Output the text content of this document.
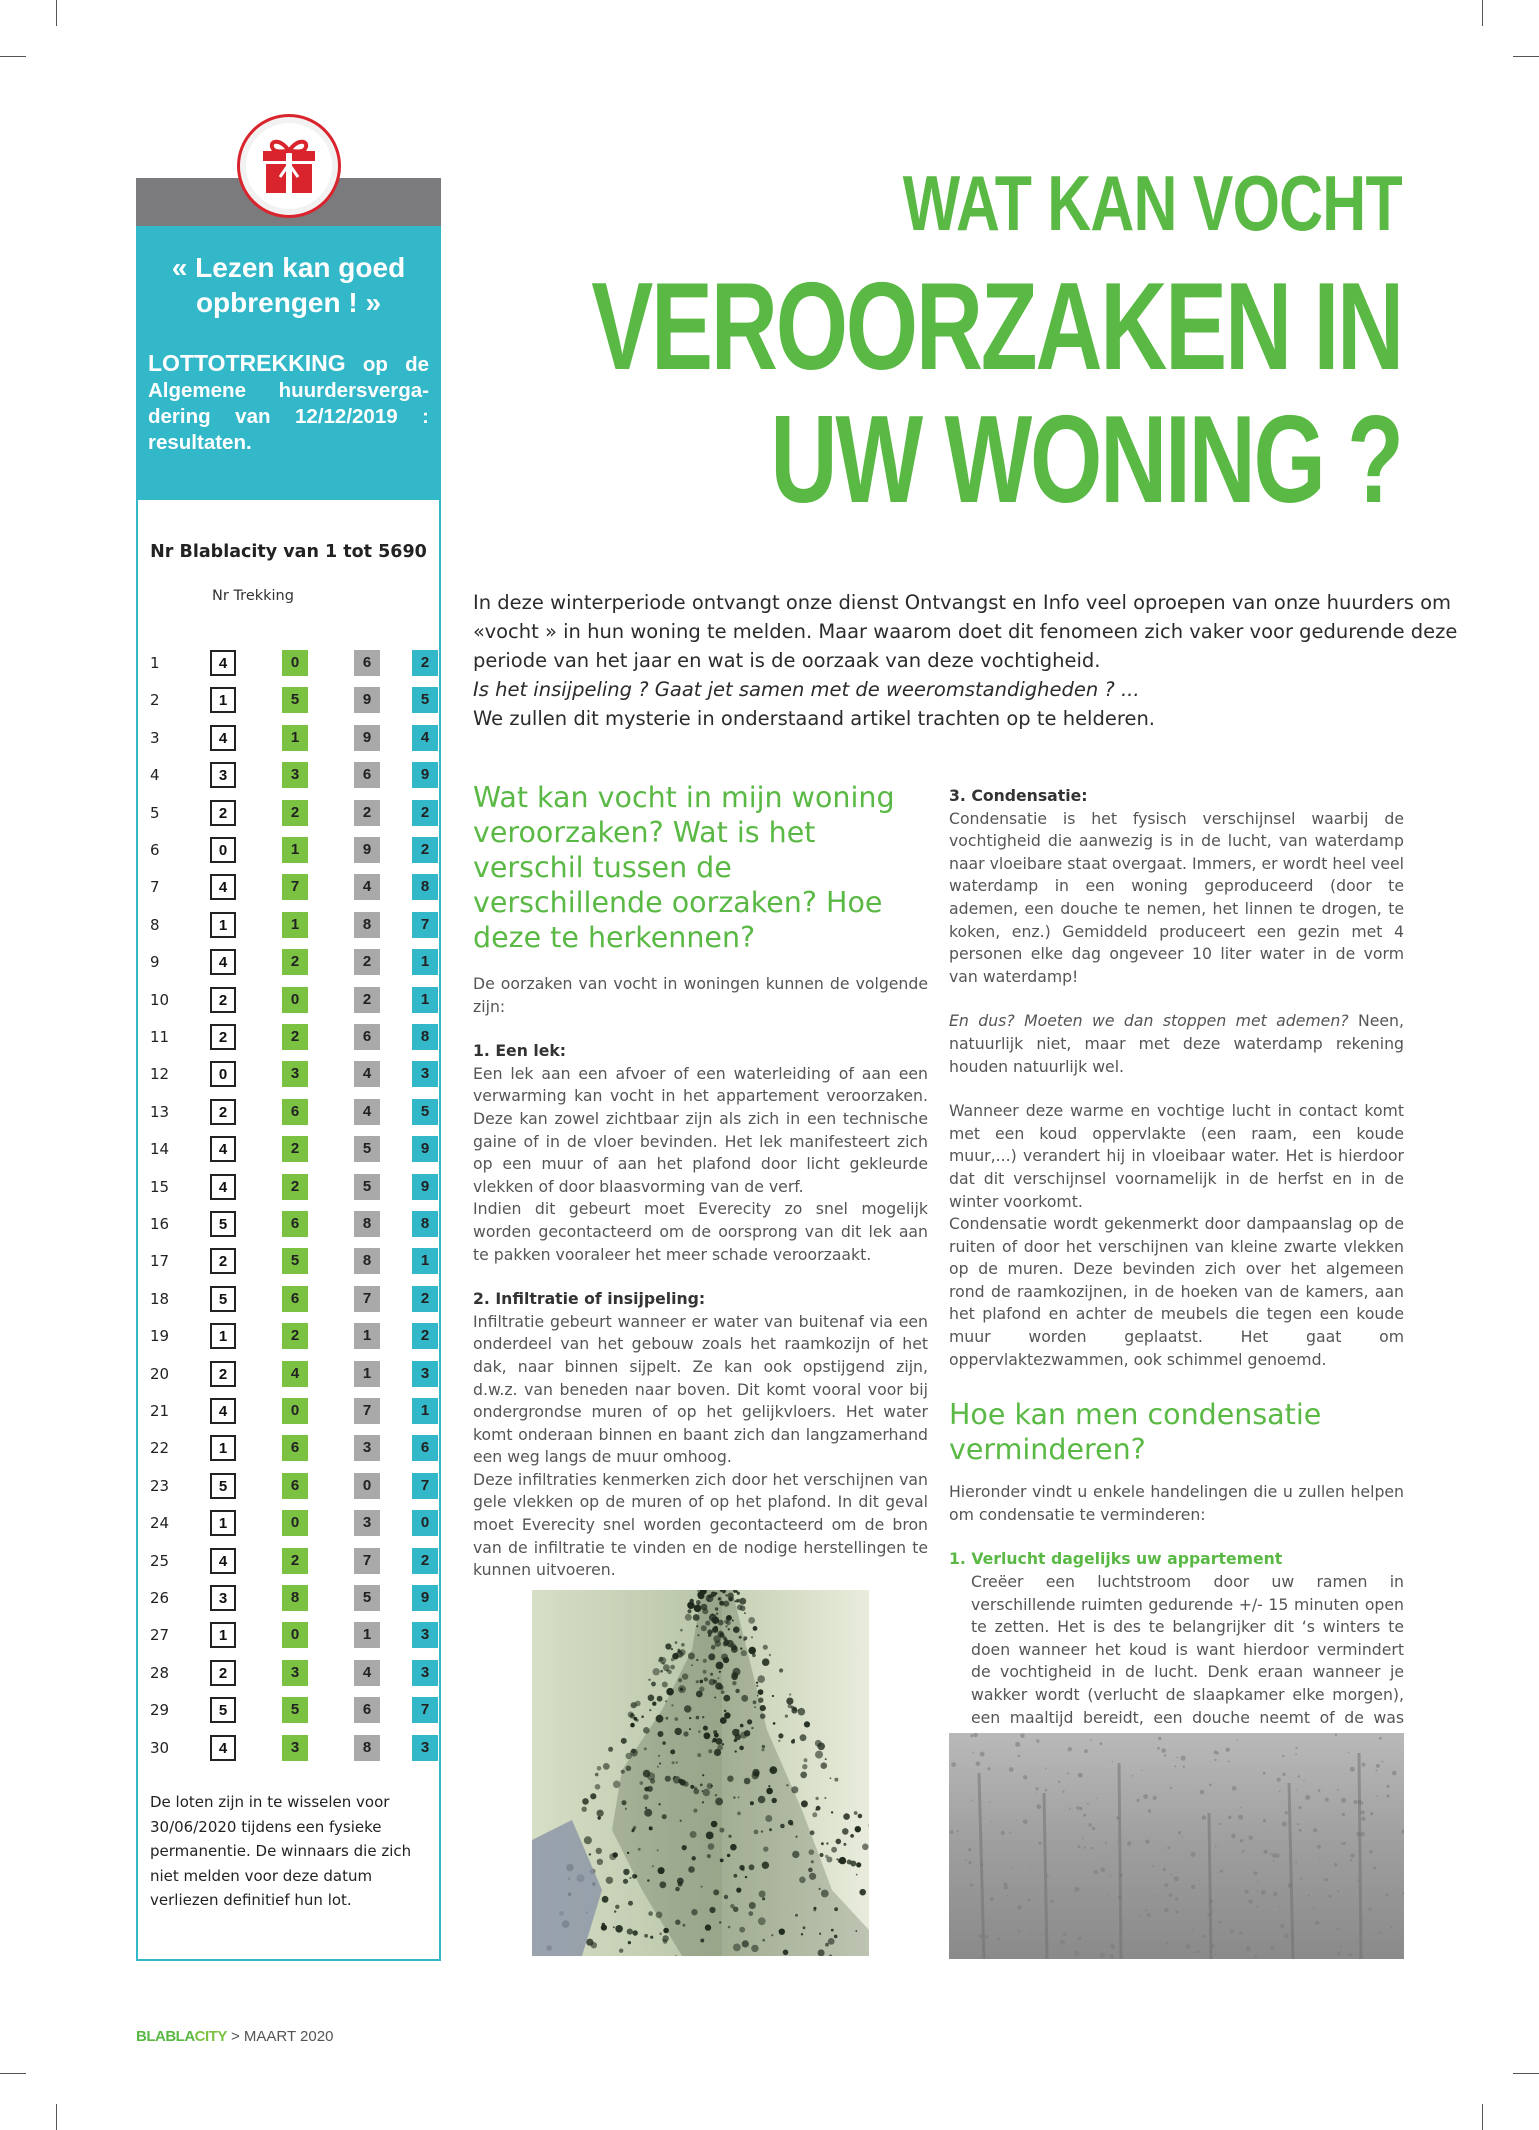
« Lezen kan goed opbrengen ! »
LOTTOTREKKING op de Algemene huurdersverga-dering van 12/12/2019 : resultaten.
Nr Blablacity van 1 tot 5690
Nr Trekking
1	4	0	6	2
2	1	5	9	5
3	4	1	9	4
4	3	3	6	9
5	2	2	2	2
6	0	1	9	2
7	4	7	4	8
8	1	1	8	7
9	4	2	2	1
10	2	0	2	1
11	2	2	6	8
12	0	3	4	3
13	2	6	4	5
14	4	2	5	9
15	4	2	5	9
16	5	6	8	8
17	2	5	8	1
18	5	6	7	2
19	1	2	1	2
20	2	4	1	3
21	4	0	7	1
22	1	6	3	6
23	5	6	0	7
24	1	0	3	0
25	4	2	7	2
26	3	8	5	9
27	1	0	1	3
28	2	3	4	3
29	5	5	6	7
30	4	3	8	3
De loten zijn in te wisselen voor 30/06/2020 tijdens een fysieke permanentie. De winnaars die zich niet melden voor deze datum verliezen definitief hun lot.
WAT KAN VOCHT
VEROORZAKEN IN
UW WONING ?

In deze winterperiode ontvangt onze dienst Ontvangst en Info veel oproepen van onze huurders om

«vocht » in hun woning te melden. Maar waarom doet dit fenomeen zich vaker voor gedurende deze

periode van het jaar en wat is de oorzaak van deze vochtigheid.

Is het insijpeling ? Gaat jet samen met de weeromstandigheden ? ...

We zullen dit mysterie in onderstaand artikel trachten op te helderen.

Wat kan vocht in mijn woning veroorzaken? Wat is het verschil tussen de verschillende oorzaken? Hoe deze te herkennen?

De oorzaken van vocht in woningen kunnen de volgende zijn:

1. Een lek:

Een lek aan een afvoer of een waterleiding of aan een verwarming kan vocht in het appartement veroorzaken. Deze kan zowel zichtbaar zijn als zich in een technische gaine of in de vloer bevinden. Het lek manifesteert zich op een muur of aan het plafond door licht gekleurde vlekken of door blaasvorming van de verf.

Indien dit gebeurt moet Everecity zo snel mogelijk worden gecontacteerd om de oorsprong van dit lek aan te pakken vooraleer het meer schade veroorzaakt.

2. Infiltratie of insijpeling:

Infiltratie gebeurt wanneer er water van buitenaf via een onderdeel van het gebouw zoals het raamkozijn of het dak, naar binnen sijpelt. Ze kan ook opstijgend zijn, d.w.z. van beneden naar boven. Dit komt vooral voor bij ondergrondse muren of op het gelijkvloers. Het water komt onderaan binnen en baant zich dan langzamerhand een weg langs de muur omhoog.

Deze infiltraties kenmerken zich door het verschijnen van gele vlekken op de muren of op het plafond. In dit geval moet Everecity snel worden gecontacteerd om de bron van de infiltratie te vinden en de nodige herstellingen te kunnen uitvoeren.

3. Condensatie:

Condensatie is het fysisch verschijnsel waarbij de vochtigheid die aanwezig is in de lucht, van waterdamp naar vloeibare staat overgaat. Immers, er wordt heel veel waterdamp in een woning geproduceerd (door te ademen, een douche te nemen, het linnen te drogen, te koken, enz.) Gemiddeld produceert een gezin met 4 personen elke dag ongeveer 10 liter water in de vorm van waterdamp!

En dus? Moeten we dan stoppen met ademen? Neen, natuurlijk niet, maar met deze waterdamp rekening houden natuurlijk wel.

Wanneer deze warme en vochtige lucht in contact komt met een koud oppervlakte (een raam, een koude muur,...) verandert hij in vloeibaar water. Het is hierdoor dat dit verschijnsel voornamelijk in de herfst en in de winter voorkomt.

Condensatie wordt gekenmerkt door dampaanslag op de ruiten of door het verschijnen van kleine zwarte vlekken op de muren. Deze bevinden zich over het algemeen rond de raamkozijnen, in de hoeken van de kamers, aan het plafond en achter de meubels die tegen een koude muur worden geplaatst. Het gaat om oppervlaktezwammen, ook schimmel genoemd.

Hoe kan men condensatie verminderen?

Hieronder vindt u enkele handelingen die u zullen helpen om condensatie te verminderen:

1. Verlucht dagelijks uw appartement

Creëer een luchtstroom door uw ramen in verschillende ruimten gedurende +/- 15 minuten open te zetten. Het is des te belangrijker dit ‘s winters te doen wanneer het koud is want hierdoor vermindert de vochtigheid in de lucht. Denk eraan wanneer je wakker wordt (verlucht de slaapkamer elke morgen), een maaltijd bereidt, een douche neemt of de was

BLABLACITY > MAART 2020
